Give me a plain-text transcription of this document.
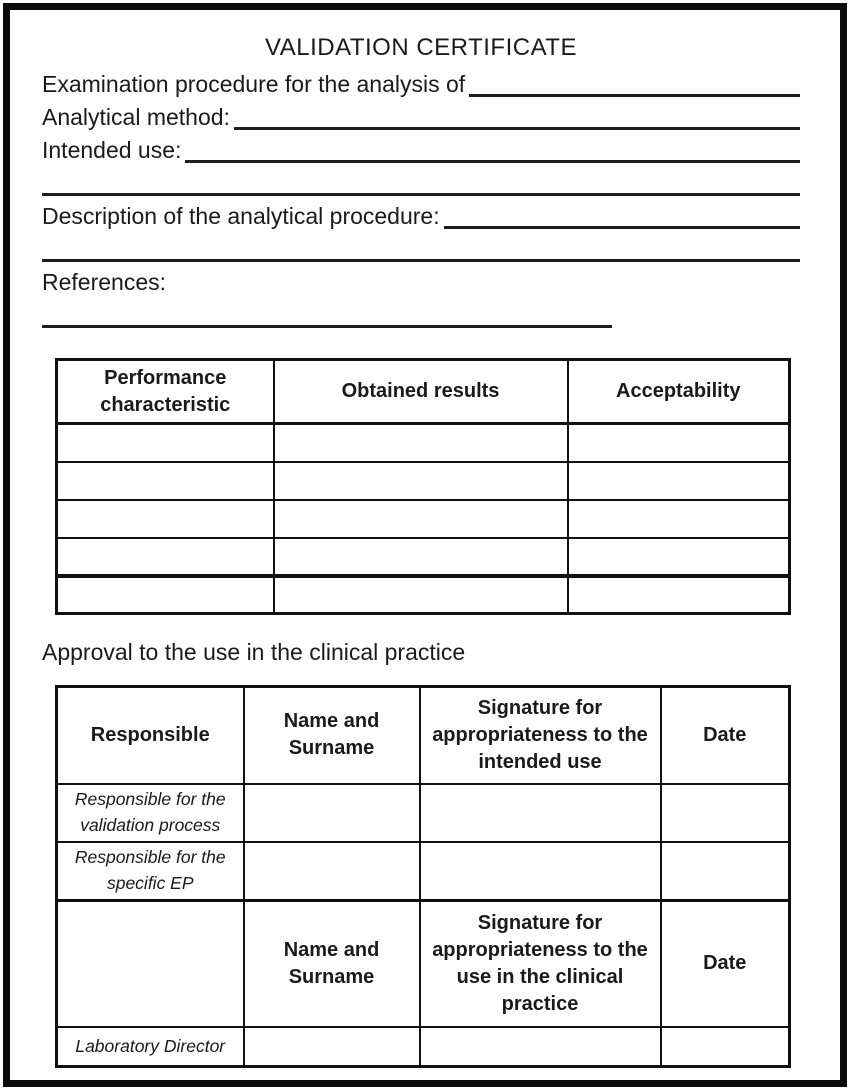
VALIDATION CERTIFICATE
Examination procedure for the analysis of
Analytical method:
Intended use:
Description of the analytical procedure:
References:
Performance characteristic	Obtained results	Acceptability

Approval to the use in the clinical practice
Responsible	Name and Surname	Signature for appropriateness to the intended use	Date
Responsible for the validation process			
Responsible for the specific EP			
	Name and Surname	Signature for appropriateness to the use in the clinical practice	Date
Laboratory Director			
